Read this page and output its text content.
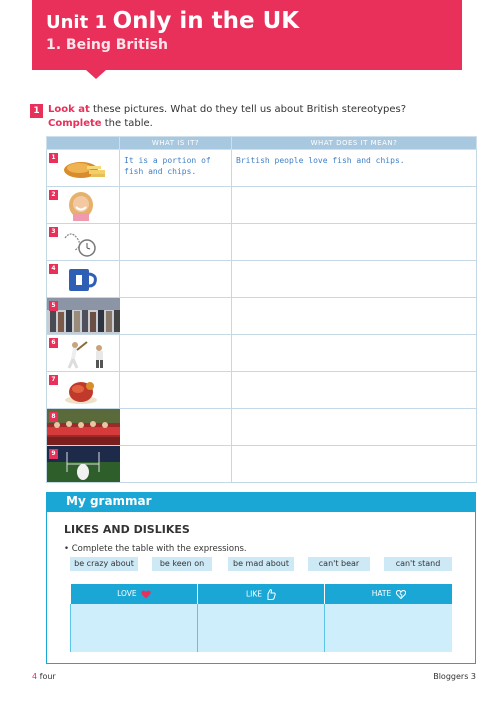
Unit 1 Only in the UK
1. Being British
1 Look at these pictures. What do they tell us about British stereotypes?
Complete the table.
	WHAT IS IT?	WHAT DOES IT MEAN?

1	It is a portion of fish and chips.	British people love fish and chips.

2		

3		

4		

5		

6		

7		

8		

9		

My grammar
LIKES AND DISLIKES
• Complete the table with the expressions.
be crazy about	be keen on	be mad about	can't bear	can't stand
LOVE	LIKE	HATE

4 four	Bloggers 3
